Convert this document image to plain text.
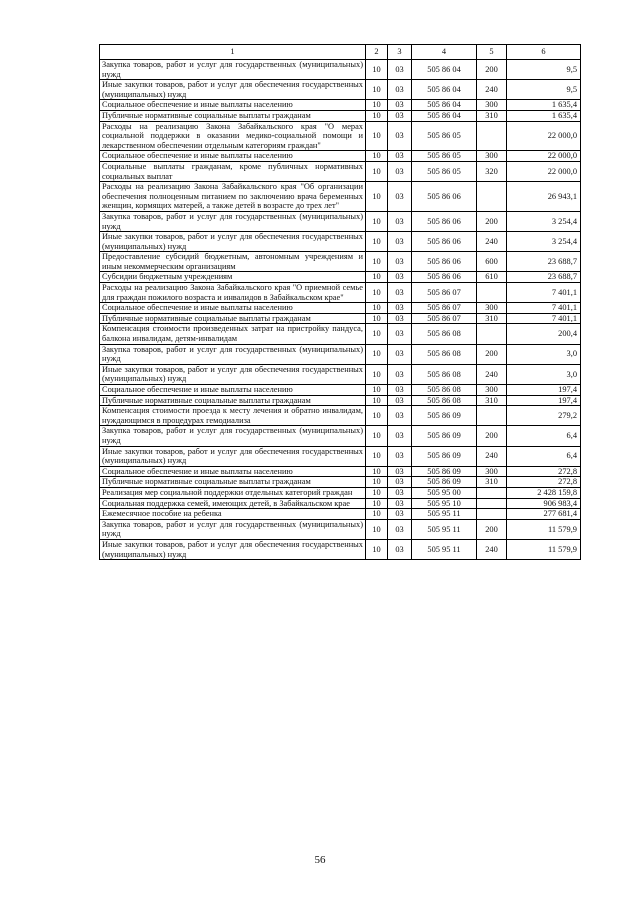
1	2	3	4	5	6
Закупка товаров, работ и услуг для государственных (муниципальных) нужд	10	03	505 86 04	200	9,5
Иные закупки товаров, работ и услуг для обеспечения государственных (муниципальных) нужд	10	03	505 86 04	240	9,5
Социальное обеспечение и иные выплаты населению	10	03	505 86 04	300	1 635,4
Публичные нормативные социальные выплаты гражданам	10	03	505 86 04	310	1 635,4
Расходы на реализацию Закона Забайкальского края "О мерах социальной поддержки в оказании медико-социальной помощи и лекарственном обеспечении отдельным категориям граждан"	10	03	505 86 05		22 000,0
Социальное обеспечение и иные выплаты населению	10	03	505 86 05	300	22 000,0
Социальные выплаты гражданам, кроме публичных нормативных социальных выплат	10	03	505 86 05	320	22 000,0
Расходы на реализацию Закона Забайкальского края "Об организации обеспечения полноценным питанием по заключению врача беременных женщин, кормящих матерей, а также детей в возрасте до трех лет"	10	03	505 86 06		26 943,1
Закупка товаров, работ и услуг для государственных (муниципальных) нужд	10	03	505 86 06	200	3 254,4
Иные закупки товаров, работ и услуг для обеспечения государственных (муниципальных) нужд	10	03	505 86 06	240	3 254,4
Предоставление субсидий бюджетным, автономным учреждениям и иным некоммерческим организациям	10	03	505 86 06	600	23 688,7
Субсидии бюджетным учреждениям	10	03	505 86 06	610	23 688,7
Расходы на реализацию Закона Забайкальского края "О приемной семье для граждан пожилого возраста и инвалидов в Забайкальском крае"	10	03	505 86 07		7 401,1
Социальное обеспечение и иные выплаты населению	10	03	505 86 07	300	7 401,1
Публичные нормативные социальные выплаты гражданам	10	03	505 86 07	310	7 401,1
Компенсация стоимости произведенных затрат на пристройку пандуса, балкона инвалидам, детям-инвалидам	10	03	505 86 08		200,4
Закупка товаров, работ и услуг для государственных (муниципальных) нужд	10	03	505 86 08	200	3,0
Иные закупки товаров, работ и услуг для обеспечения государственных (муниципальных) нужд	10	03	505 86 08	240	3,0
Социальное обеспечение и иные выплаты населению	10	03	505 86 08	300	197,4
Публичные нормативные социальные выплаты гражданам	10	03	505 86 08	310	197,4
Компенсация стоимости проезда к месту лечения и обратно инвалидам, нуждающимся в процедурах гемодиализа	10	03	505 86 09		279,2
Закупка товаров, работ и услуг для государственных (муниципальных) нужд	10	03	505 86 09	200	6,4
Иные закупки товаров, работ и услуг для обеспечения государственных (муниципальных) нужд	10	03	505 86 09	240	6,4
Социальное обеспечение и иные выплаты населению	10	03	505 86 09	300	272,8
Публичные нормативные социальные выплаты гражданам	10	03	505 86 09	310	272,8
Реализация мер социальной поддержки отдельных категорий граждан	10	03	505 95 00		2 428 159,8
Социальная поддержка семей, имеющих детей, в Забайкальском крае	10	03	505 95 10		906 983,4
Ежемесячное пособие на ребенка	10	03	505 95 11		277 681,4
Закупка товаров, работ и услуг для государственных (муниципальных) нужд	10	03	505 95 11	200	11 579,9
Иные закупки товаров, работ и услуг для обеспечения государственных (муниципальных) нужд	10	03	505 95 11	240	11 579,9
56
